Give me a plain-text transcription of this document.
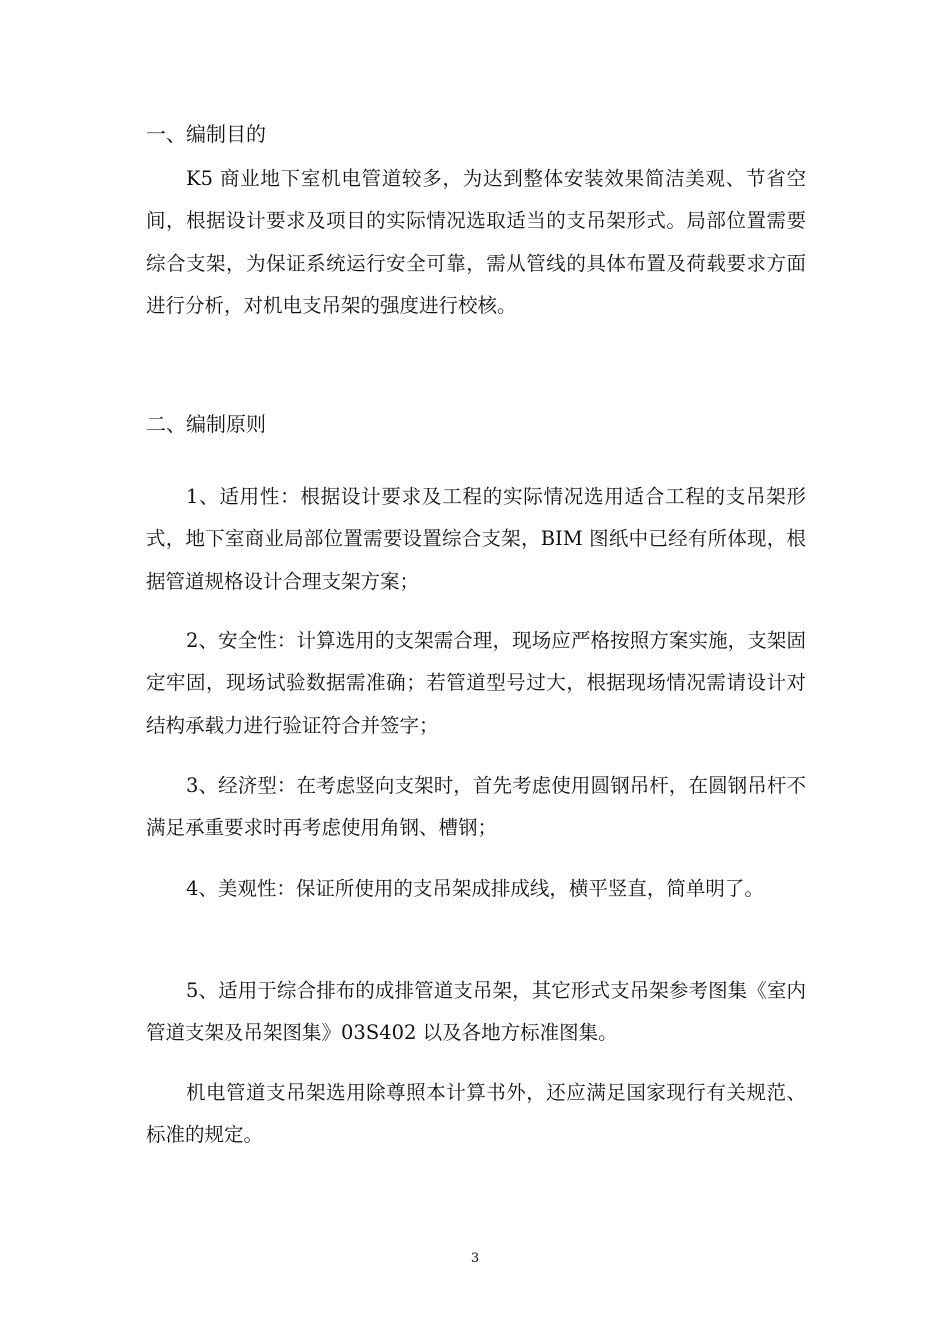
一、编制目的

K5 商业地下室机电管道较多，为达到整体安装效果简洁美观、节省空间，根据设计要求及项目的实际情况选取适当的支吊架形式。局部位置需要综合支架，为保证系统运行安全可靠，需从管线的具体布置及荷载要求方面进行分析，对机电支吊架的强度进行校核。

二、编制原则

1、适用性：根据设计要求及工程的实际情况选用适合工程的支吊架形式，地下室商业局部位置需要设置综合支架，BIM 图纸中已经有所体现，根据管道规格设计合理支架方案；

2、安全性：计算选用的支架需合理，现场应严格按照方案实施，支架固定牢固，现场试验数据需准确；若管道型号过大，根据现场情况需请设计对结构承载力进行验证符合并签字；

3、经济型：在考虑竖向支架时，首先考虑使用圆钢吊杆，在圆钢吊杆不满足承重要求时再考虑使用角钢、槽钢；

4、美观性：保证所使用的支吊架成排成线，横平竖直，简单明了。

5、适用于综合排布的成排管道支吊架，其它形式支吊架参考图集《室内管道支架及吊架图集》03S402 以及各地方标准图集。

机电管道支吊架选用除尊照本计算书外，还应满足国家现行有关规范、标准的规定。

3
